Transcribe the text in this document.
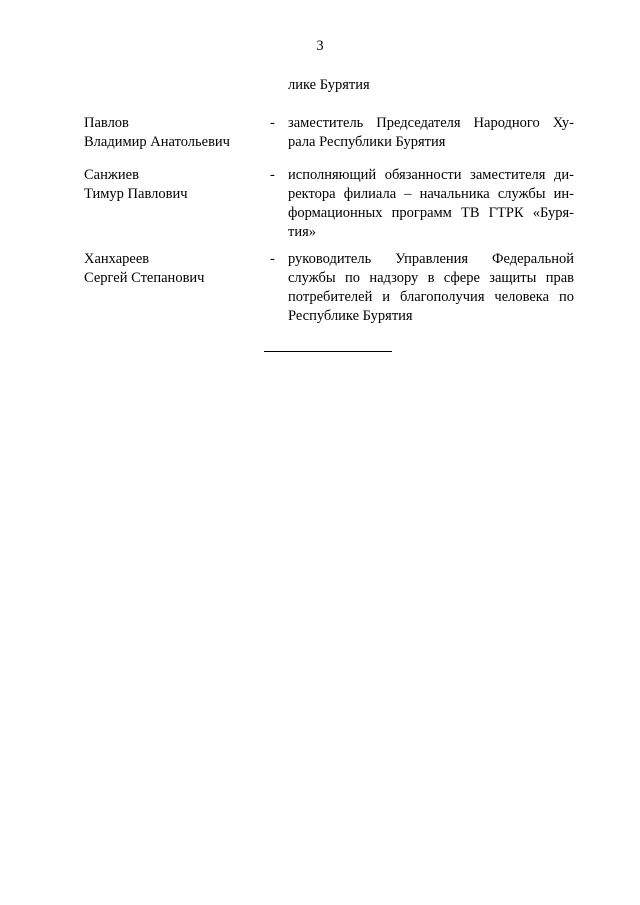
3
лике Бурятия
Павлов
Владимир Анатольевич
- заместитель Председателя Народного Ху-
рала Республики Бурятия
Санжиев
Тимур Павлович
- исполняющий обязанности заместителя ди-
ректора филиала – начальника службы ин-
формационных программ ТВ ГТРК «Буря-
тия»
Ханхареев
Сергей Степанович
- руководитель Управления Федеральной
службы по надзору в сфере защиты прав
потребителей и благополучия человека по
Республике Бурятия
